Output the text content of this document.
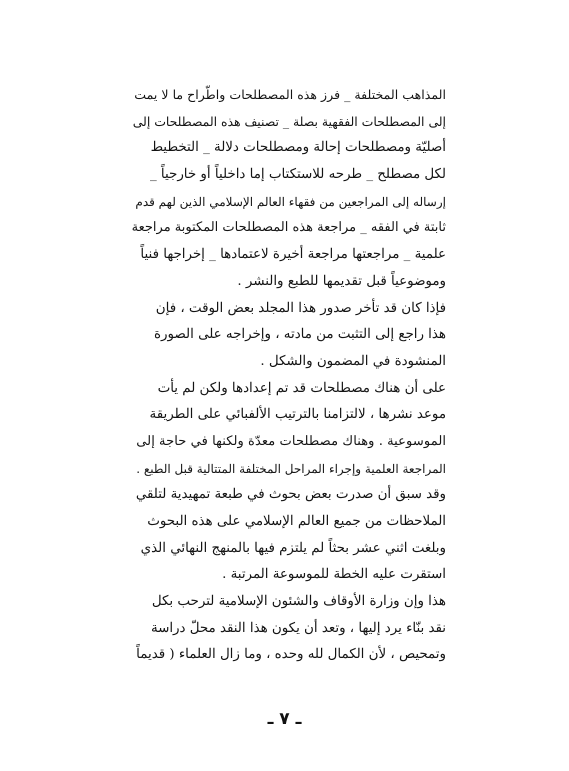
المذاهب المختلفة _ فرز هذه المصطلحات واطّراح ما لا يمت
إلى المصطلحات الفقهية بصلة _ تصنيف هذه المصطلحات إلى
أصليّة ومصطلحات إحالة ومصطلحات دلالة _ التخطيط
لكل مصطلح _ طرحه للاستكتاب إما داخلياً أو خارجياً _
إرساله إلى المراجعين من فقهاء العالم الإسلامي الذين لهم قدم
ثابتة في الفقه _ مراجعة هذه المصطلحات المكتوبة مراجعة
علمية _ مراجعتها مراجعة أخيرة لاعتمادها _ إخراجها فنياً
وموضوعياً قبل تقديمها للطبع والنشر .
فإذا كان قد تأخر صدور هذا المجلد بعض الوقت ، فإن
هذا راجع إلى التثبت من مادته ، وإخراجه على الصورة
المنشودة في المضمون والشكل .
على أن هناك مصطلحات قد تم إعدادها ولكن لم يأت
موعد نشرها ، لالتزامنا بالترتيب الألفبائي على الطريقة
الموسوعية . وهناك مصطلحات معدّة ولكنها في حاجة إلى
المراجعة العلمية وإجراء المراحل المختلفة المتتالية قبل الطبع .
وقد سبق أن صدرت بعض بحوث في طبعة تمهيدية لتلقي
الملاحظات من جميع العالم الإسلامي على هذه البحوث
وبلغت اثني عشر بحثاً لم يلتزم فيها بالمنهج النهائي الذي
استقرت عليه الخطة للموسوعة المرتبة .
هذا وإن وزارة الأوقاف والشئون الإسلامية لترحب بكل
نقد بنّاء يرد إليها ، وتعد أن يكون هذا النقد محلّ دراسة
وتمحيص ، لأن الكمال لله وحده ، وما زال العلماء ( قديماً
ـ ٧ ـ
